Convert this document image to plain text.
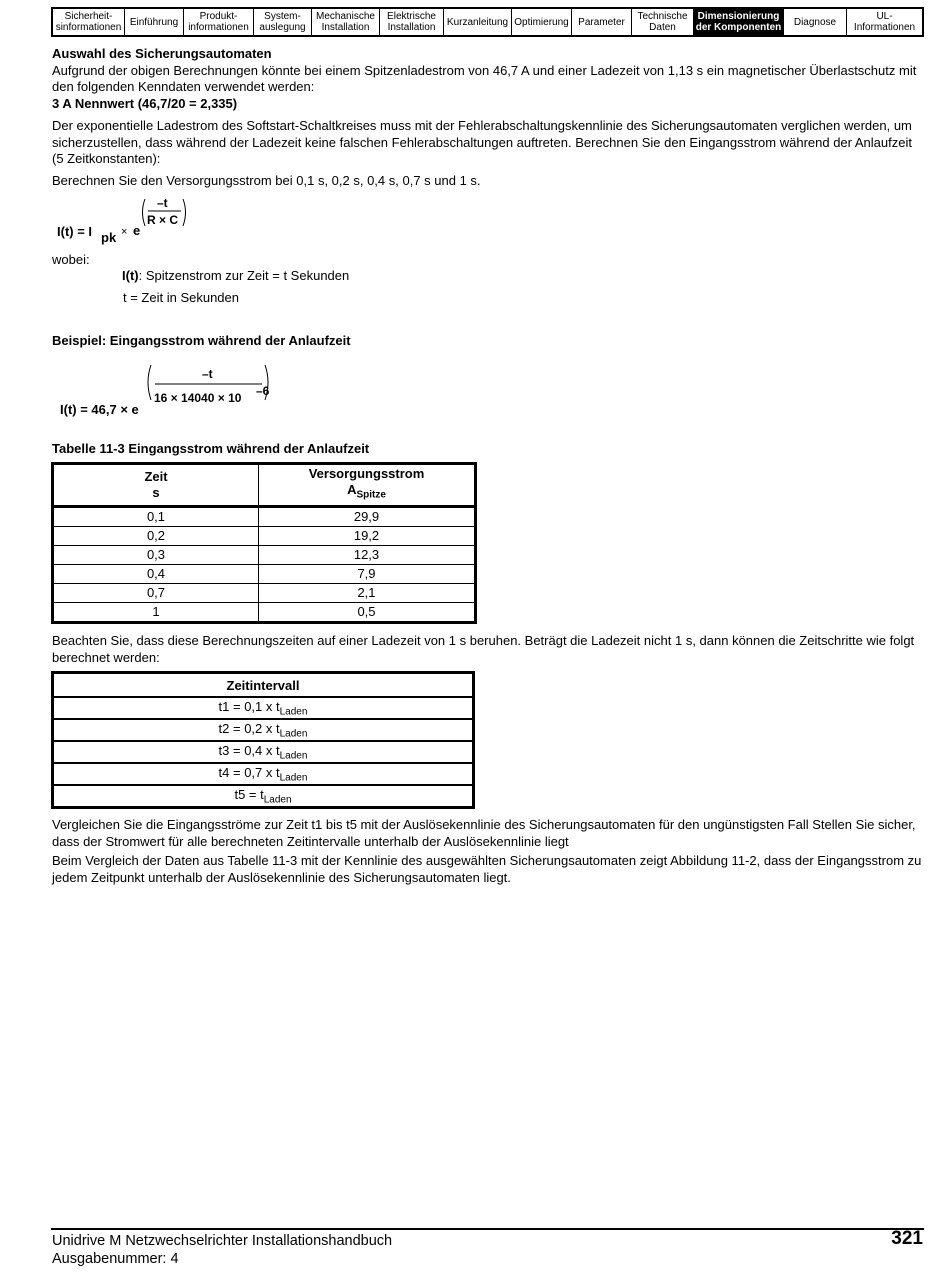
Sicherheit-
sinformationen Einführung	Produkt-
informationen
System-
auslegung
Mechanische
Installation
Elektrische
Installation	Kurzanleitung Optimierung Parameter	Technische
Daten
Dimensionierung
der Komponenten	Diagnose	UL-
Informationen

Auswahl des Sicherungsautomaten

Aufgrund der obigen Berechnungen könnte bei einem Spitzenladestrom von 46,7 A und einer Ladezeit von 1,13 s ein magnetischer Überlastschutz mit den folgenden Kenndaten verwendet werden:

3 A Nennwert (46,7/20 = 2,335)

Der exponentielle Ladestrom des Softstart-Schaltkreises muss mit der Fehlerabschaltungskennlinie des Sicherungsautomaten verglichen werden, um sicherzustellen, dass während der Ladezeit keine falschen Fehlerabschaltungen auftreten. Berechnen Sie den Eingangsstrom während der Anlaufzeit (5 Zeitkonstanten):

Berechnen Sie den Versorgungsstrom bei 0,1 s, 0,2 s, 0,4 s, 0,7 s und 1 s.

I(t) = I pk × e
–t
R × C
wobei:
I(t): Spitzenstrom zur Zeit = t Sekunden
t = Zeit in Sekunden
Beispiel: Eingangsstrom während der Anlaufzeit
I(t) = 46,7 × e
–t
16 × 14040 × 10 –6
Tabelle 11-3 Eingangsstrom während der Anlaufzeit
Zeit
s	Versorgungsstrom
$A_{Spitze}$
0,1	29,9
0,2	19,2
0,3	12,3
0,4	7,9
0,7	2,1
1	0,5
Beachten Sie, dass diese Berechnungszeiten auf einer Ladezeit von 1 s beruhen. Beträgt die Ladezeit nicht 1 s, dann können die Zeitschritte wie folgt berechnet werden:
Zeitintervall
t1 = 0,1 x $t_{Laden}$
t2 = 0,2 x $t_{Laden}$
t3 = 0,4 x $t_{Laden}$
t4 = 0,7 x $t_{Laden}$
$t5 = t_{Laden}$

Vergleichen Sie die Eingangsströme zur Zeit t1 bis t5 mit der Auslösekennlinie des Sicherungsautomaten für den ungünstigsten Fall Stellen Sie sicher, dass der Stromwert für alle berechneten Zeitintervalle unterhalb der Auslösekennlinie liegt

Beim Vergleich der Daten aus Tabelle 11-3 mit der Kennlinie des ausgewählten Sicherungsautomaten zeigt Abbildung 11-2, dass der Eingangsstrom zu jedem Zeitpunkt unterhalb der Auslösekennlinie des Sicherungsautomaten liegt.

Unidrive M Netzwechselrichter Installationshandbuch
Ausgabenummer: 4
321
